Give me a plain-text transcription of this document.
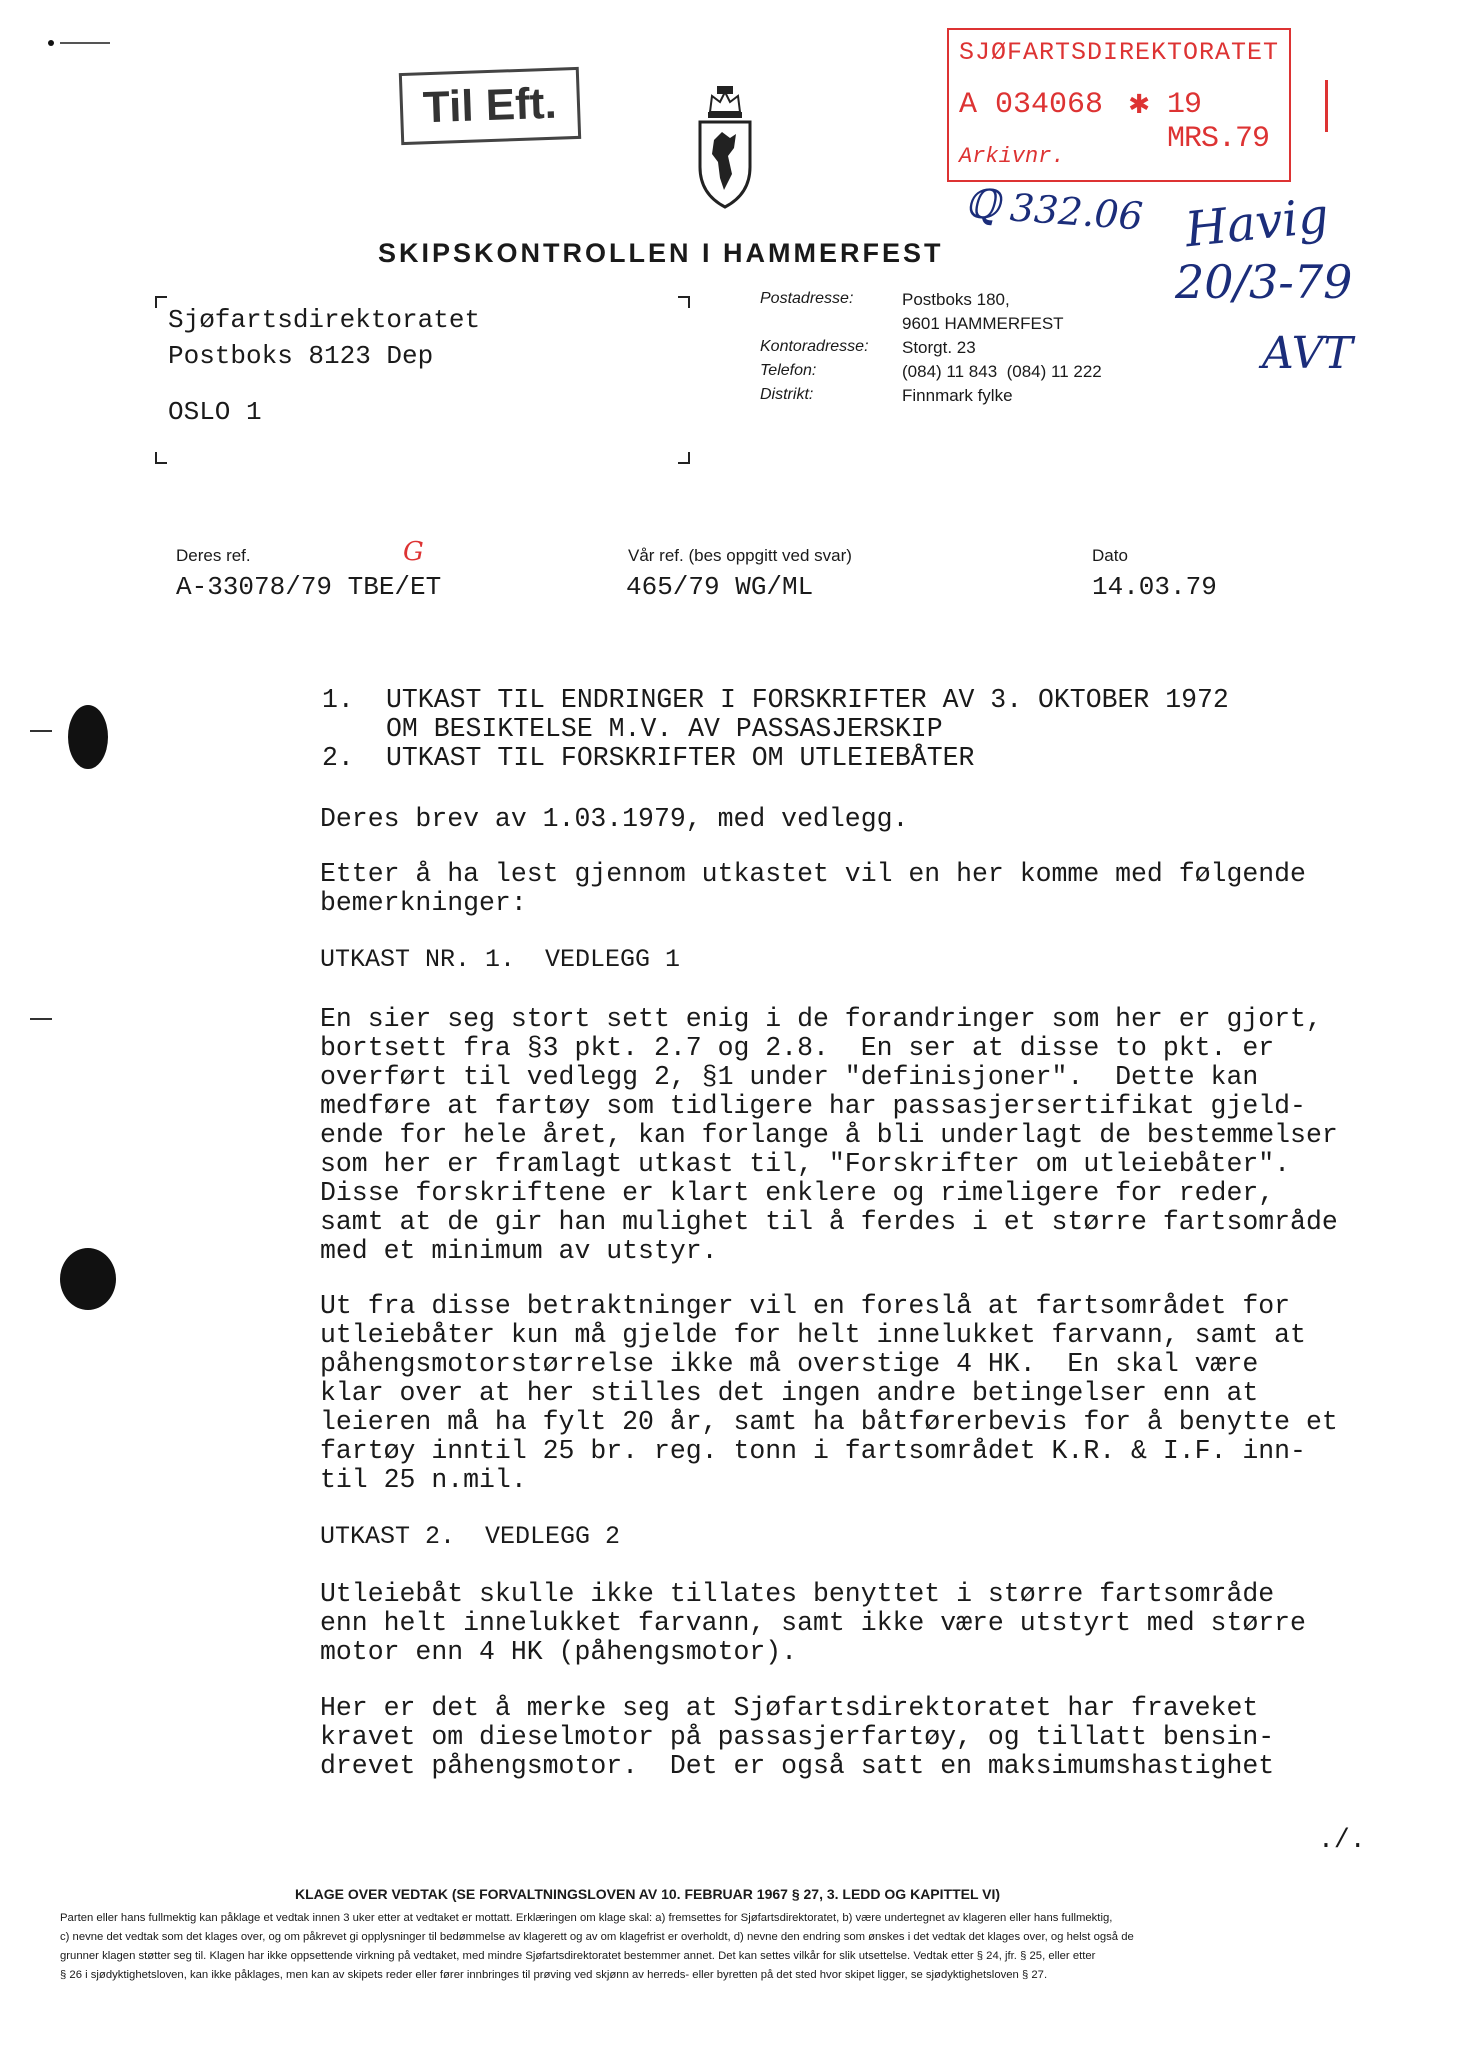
Til Eft.
SJØFARTSDIREKTORATET
A 034068 ✱ 19 MRS.79
Arkivnr.
ℚ 332.06 Havig
20/3-79
AVT
SKIPSKONTROLLEN I HAMMERFEST
Sjøfartsdirektoratet
Postboks 8123 Dep
OSLO 1
Postadresse:	Postboks 180,
9601 HAMMERFEST
Kontoradresse: Storgt. 23
Telefon:	(084) 11 843  (084) 11 222
Distrikt:	Finnmark fylke
Deres ref.
A-33078/79 TBE/ET
G	Vår ref. (bes oppgitt ved svar)
465/79 WG/ML
Dato
14.03.79
1. UTKAST TIL ENDRINGER I FORSKRIFTER AV 3. OKTOBER 1972
OM BESIKTELSE M.V. AV PASSASJERSKIP
2. UTKAST TIL FORSKRIFTER OM UTLEIEBÅTER
Deres brev av 1.03.1979, med vedlegg.
Etter å ha lest gjennom utkastet vil en her komme med følgende
bemerkninger:
UTKAST NR. 1.  VEDLEGG 1
En sier seg stort sett enig i de forandringer som her er gjort,
bortsett fra §3 pkt. 2.7 og 2.8.  En ser at disse to pkt. er
overført til vedlegg 2, §1 under "definisjoner".  Dette kan
medføre at fartøy som tidligere har passasjersertifikat gjeld-
ende for hele året, kan forlange å bli underlagt de bestemmelser
som her er framlagt utkast til, "Forskrifter om utleiebåter".
Disse forskriftene er klart enklere og rimeligere for reder,
samt at de gir han mulighet til å ferdes i et større fartsområde
med et minimum av utstyr.
Ut fra disse betraktninger vil en foreslå at fartsområdet for
utleiebåter kun må gjelde for helt innelukket farvann, samt at
påhengsmotorstørrelse ikke må overstige 4 HK.  En skal være
klar over at her stilles det ingen andre betingelser enn at
leieren må ha fylt 20 år, samt ha båtførerbevis for å benytte et
fartøy inntil 25 br. reg. tonn i fartsområdet K.R. & I.F. inn-
til 25 n.mil.
UTKAST 2.  VEDLEGG 2
Utleiebåt skulle ikke tillates benyttet i større fartsområde
enn helt innelukket farvann, samt ikke være utstyrt med større
motor enn 4 HK (påhengsmotor).
Her er det å merke seg at Sjøfartsdirektoratet har fraveket
kravet om dieselmotor på passasjerfartøy, og tillatt bensin-
drevet påhengsmotor.  Det er også satt en maksimumshastighet
./.
KLAGE OVER VEDTAK (SE FORVALTNINGSLOVEN AV 10. FEBRUAR 1967 § 27, 3. LEDD OG KAPITTEL VI)
Parten eller hans fullmektig kan påklage et vedtak innen 3 uker etter at vedtaket er mottatt. Erklæringen om klage skal: a) fremsettes for Sjøfartsdirektoratet, b) være undertegnet av klageren eller hans fullmektig,
c) nevne det vedtak som det klages over, og om påkrevet gi opplysninger til bedømmelse av klagerett og av om klagefrist er overholdt, d) nevne den endring som ønskes i det vedtak det klages over, og helst også de
grunner klagen støtter seg til. Klagen har ikke oppsettende virkning på vedtaket, med mindre Sjøfartsdirektoratet bestemmer annet. Det kan settes vilkår for slik utsettelse. Vedtak etter § 24, jfr. § 25, eller etter
§ 26 i sjødyktighetsloven, kan ikke påklages, men kan av skipets reder eller fører innbringes til prøving ved skjønn av herreds- eller byretten på det sted hvor skipet ligger, se sjødyktighetsloven § 27.
